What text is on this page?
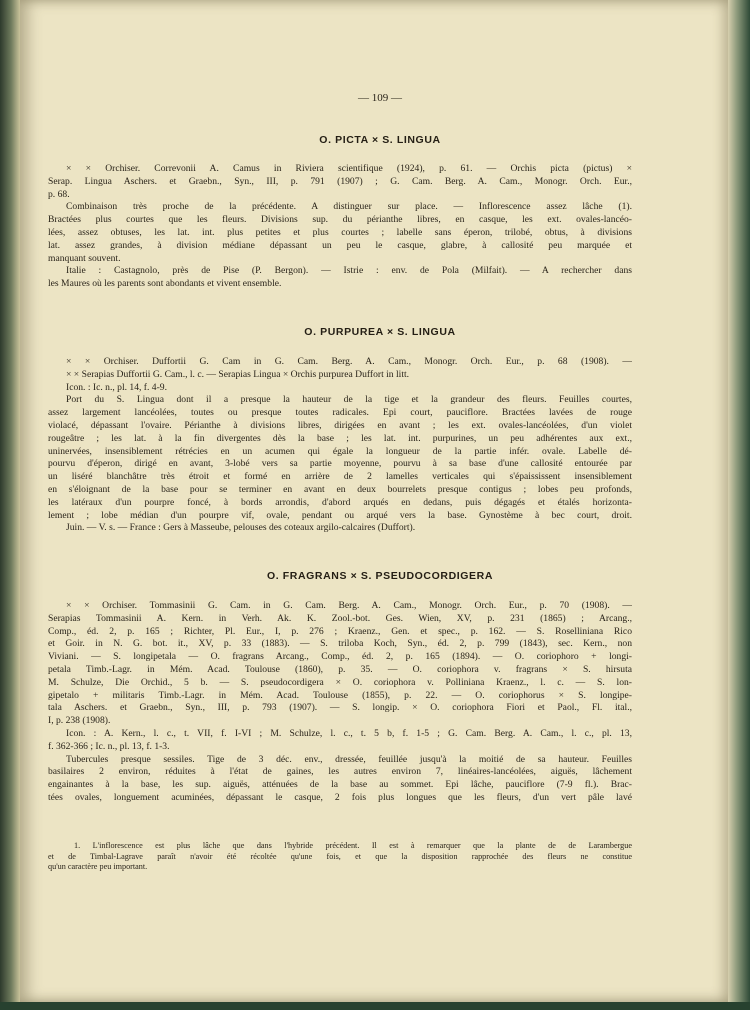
— 109 —
O. PICTA × S. LINGUA
× × Orchiser. Correvonii A. Camus in Riviera scientifique (1924), p. 61. — Orchis picta (pictus) ×
Serap. Lingua Aschers. et Graebn., Syn., III, p. 791 (1907) ; G. Cam. Berg. A. Cam., Monogr. Orch. Eur.,
p. 68.
Combinaison très proche de la précédente. A distinguer sur place. — Inflorescence assez lâche (1).
Bractées plus courtes que les fleurs. Divisions sup. du périanthe libres, en casque, les ext. ovales-lancéo-
lées, assez obtuses, les lat. int. plus petites et plus courtes ; labelle sans éperon, trilobé, obtus, à divisions
lat. assez grandes, à division médiane dépassant un peu le casque, glabre, à callosité peu marquée et
manquant souvent.
Italie : Castagnolo, près de Pise (P. Bergon). — Istrie : env. de Pola (Milfait). — A rechercher dans
les Maures où les parents sont abondants et vivent ensemble.
O. PURPUREA × S. LINGUA
× × Orchiser. Duffortii G. Cam in G. Cam. Berg. A. Cam., Monogr. Orch. Eur., p. 68 (1908). —
× × Serapias Duffortii G. Cam., l. c. — Serapias Lingua × Orchis purpurea Duffort in litt.
Icon. : Ic. n., pl. 14, f. 4-9.
Port du S. Lingua dont il a presque la hauteur de la tige et la grandeur des fleurs. Feuilles courtes,
assez largement lancéolées, toutes ou presque toutes radicales. Epi court, pauciflore. Bractées lavées de rouge
violacé, dépassant l'ovaire. Périanthe à divisions libres, dirigées en avant ; les ext. ovales-lancéolées, d'un violet
rougeâtre ; les lat. à la fin divergentes dès la base ; les lat. int. purpurines, un peu adhérentes aux ext.,
uninervées, insensiblement rétrécies en un acumen qui égale la longueur de la partie infér. ovale. Labelle dé-
pourvu d'éperon, dirigé en avant, 3-lobé vers sa partie moyenne, pourvu à sa base d'une callosité entourée par
un liséré blanchâtre très étroit et formé en arrière de 2 lamelles verticales qui s'épaississent insensiblement
en s'éloignant de la base pour se terminer en avant en deux bourrelets presque contigus ; lobes peu profonds,
les latéraux d'un pourpre foncé, à bords arrondis, d'abord arqués en dedans, puis dégagés et étalés horizonta-
lement ; lobe médian d'un pourpre vif, ovale, pendant ou arqué vers la base. Gynostème à bec court, droit.
Juin. — V. s. — France : Gers à Masseube, pelouses des coteaux argilo-calcaires (Duffort).
O. FRAGRANS × S. PSEUDOCORDIGERA
× × Orchiser. Tommasinii G. Cam. in G. Cam. Berg. A. Cam., Monogr. Orch. Eur., p. 70 (1908). —
Serapias Tommasinii A. Kern. in Verh. Ak. K. Zool.-bot. Ges. Wien, XV, p. 231 (1865) ; Arcang.,
Comp., éd. 2, p. 165 ; Richter, Pl. Eur., I, p. 276 ; Kraenz., Gen. et spec., p. 162. — S. Roselliniana Rico
et Goir. in N. G. bot. it., XV, p. 33 (1883). — S. triloba Koch, Syn., éd. 2, p. 799 (1843), sec. Kern., non
Viviani. — S. longipetala — O. fragrans Arcang., Comp., éd. 2, p. 165 (1894). — O. coriophoro + longi-
petala Timb.-Lagr. in Mém. Acad. Toulouse (1860), p. 35. — O. coriophora v. fragrans × S. hirsuta
M. Schulze, Die Orchid., 5 b. — S. pseudocordigera × O. coriophora v. Polliniana Kraenz., l. c. — S. lon-
gipetalo + militaris Timb.-Lagr. in Mém. Acad. Toulouse (1855), p. 22. — O. coriophorus × S. longipe-
tala Aschers. et Graebn., Syn., III, p. 793 (1907). — S. longip. × O. coriophora Fiori et Paol., Fl. ital.,
I, p. 238 (1908).
Icon. : A. Kern., l. c., t. VII, f. I-VI ; M. Schulze, l. c., t. 5 b, f. 1-5 ; G. Cam. Berg. A. Cam., l. c., pl. 13,
f. 362-366 ; Ic. n., pl. 13, f. 1-3.
Tubercules presque sessiles. Tige de 3 déc. env., dressée, feuillée jusqu'à la moitié de sa hauteur. Feuilles
basilaires 2 environ, réduites à l'état de gaines, les autres environ 7, linéaires-lancéolées, aiguës, lâchement
engainantes à la base, les sup. aiguës, atténuées de la base au sommet. Epi lâche, pauciflore (7-9 fl.). Brac-
tées ovales, longuement acuminées, dépassant le casque, 2 fois plus longues que les fleurs, d'un vert pâle lavé
1. L'inflorescence est plus lâche que dans l'hybride précédent. Il est à remarquer que la plante de de Larambergue
et de Timbal-Lagrave paraît n'avoir été récoltée qu'une fois, et que la disposition rapprochée des fleurs ne constitue
qu'un caractère peu important.
